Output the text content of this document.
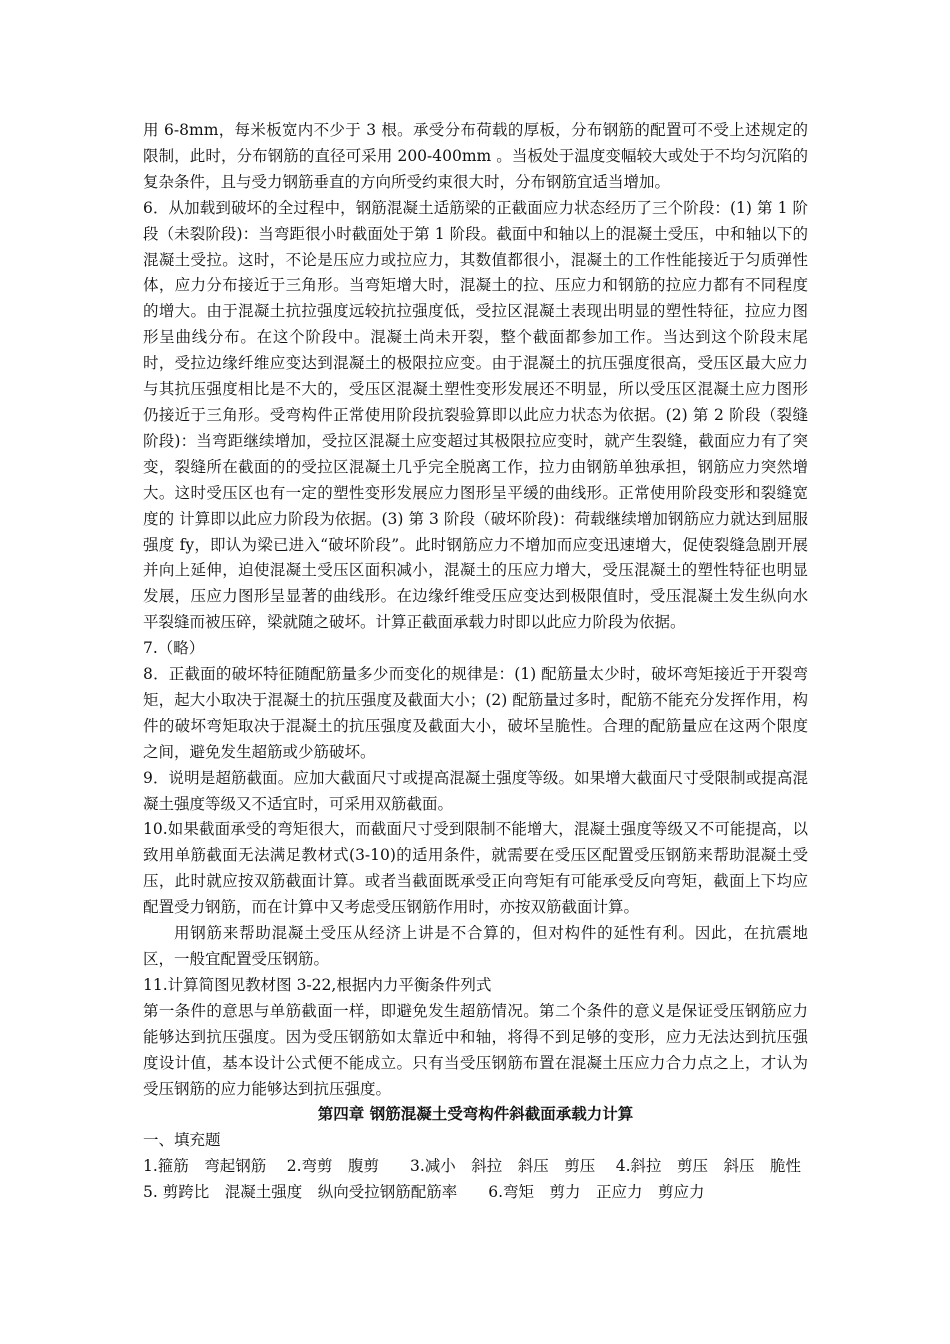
用 6-8mm，每米板宽内不少于 3 根。承受分布荷载的厚板，分布钢筋的配置可不受上述规定的限制，此时，分布钢筋的直径可采用 200-400mm 。当板处于温度变幅较大或处于不均匀沉陷的复杂条件，且与受力钢筋垂直的方向所受约束很大时，分布钢筋宜适当增加。

6．从加载到破坏的全过程中，钢筋混凝土适筋梁的正截面应力状态经历了三个阶段：(1) 第 1 阶段（未裂阶段)：当弯距很小时截面处于第 1 阶段。截面中和轴以上的混凝土受压，中和轴以下的混凝土受拉。这时，不论是压应力或拉应力，其数值都很小，混凝土的工作性能接近于匀质弹性体，应力分布接近于三角形。当弯矩增大时，混凝土的拉、压应力和钢筋的拉应力都有不同程度的增大。由于混凝土抗拉强度远较抗拉强度低，受拉区混凝土表现出明显的塑性特征，拉应力图形呈曲线分布。在这个阶段中。混凝土尚未开裂，整个截面都参加工作。当达到这个阶段末尾时，受拉边缘纤维应变达到混凝土的极限拉应变。由于混凝土的抗压强度很高，受压区最大应力与其抗压强度相比是不大的，受压区混凝土塑性变形发展还不明显，所以受压区混凝土应力图形仍接近于三角形。受弯构件正常使用阶段抗裂验算即以此应力状态为依据。(2) 第 2 阶段（裂缝阶段)：当弯距继续增加，受拉区混凝土应变超过其极限拉应变时，就产生裂缝，截面应力有了突变，裂缝所在截面的的受拉区混凝土几乎完全脱离工作，拉力由钢筋单独承担，钢筋应力突然增大。这时受压区也有一定的塑性变形发展应力图形呈平缓的曲线形。正常使用阶段变形和裂缝宽度的 计算即以此应力阶段为依据。(3) 第 3 阶段（破坏阶段)：荷载继续增加钢筋应力就达到屈服强度 fy，即认为梁已进入“破坏阶段”。此时钢筋应力不增加而应变迅速增大，促使裂缝急剧开展并向上延伸，迫使混凝土受压区面积减小，混凝土的压应力增大，受压混凝土的塑性特征也明显发展，压应力图形呈显著的曲线形。在边缘纤维受压应变达到极限值时，受压混凝土发生纵向水平裂缝而被压碎，梁就随之破坏。计算正截面承载力时即以此应力阶段为依据。

7.（略）

8．正截面的破坏特征随配筋量多少而变化的规律是：(1) 配筋量太少时，破坏弯矩接近于开裂弯矩，起大小取决于混凝土的抗压强度及截面大小；(2) 配筋量过多时，配筋不能充分发挥作用，构件的破坏弯矩取决于混凝土的抗压强度及截面大小，破坏呈脆性。合理的配筋量应在这两个限度之间，避免发生超筋或少筋破坏。

9．说明是超筋截面。应加大截面尺寸或提高混凝土强度等级。如果增大截面尺寸受限制或提高混凝土强度等级又不适宜时，可采用双筋截面。

10.如果截面承受的弯矩很大，而截面尺寸受到限制不能增大，混凝土强度等级又不可能提高，以致用单筋截面无法满足教材式(3-10)的适用条件，就需要在受压区配置受压钢筋来帮助混凝土受压，此时就应按双筋截面计算。或者当截面既承受正向弯矩有可能承受反向弯矩，截面上下均应配置受力钢筋，而在计算中又考虑受压钢筋作用时，亦按双筋截面计算。

用钢筋来帮助混凝土受压从经济上讲是不合算的，但对构件的延性有利。因此，在抗震地区，一般宜配置受压钢筋。

11.计算简图见教材图 3-22,根据内力平衡条件列式

第一条件的意思与单筋截面一样，即避免发生超筋情况。第二个条件的意义是保证受压钢筋应力能够达到抗压强度。因为受压钢筋如太靠近中和轴，将得不到足够的变形，应力无法达到抗压强度设计值，基本设计公式便不能成立。只有当受压钢筋布置在混凝土压应力合力点之上，才认为受压钢筋的应力能够达到抗压强度。

第四章 钢筋混凝土受弯构件斜截面承载力计算

一、填充题

1.箍筋　弯起钢筋　 2.弯剪　腹剪　　3.减小　斜拉　斜压　剪压　 4.斜拉　剪压　斜压　脆性

5. 剪跨比　混凝土强度　纵向受拉钢筋配筋率　　6.弯矩　剪力　正应力　剪应力
